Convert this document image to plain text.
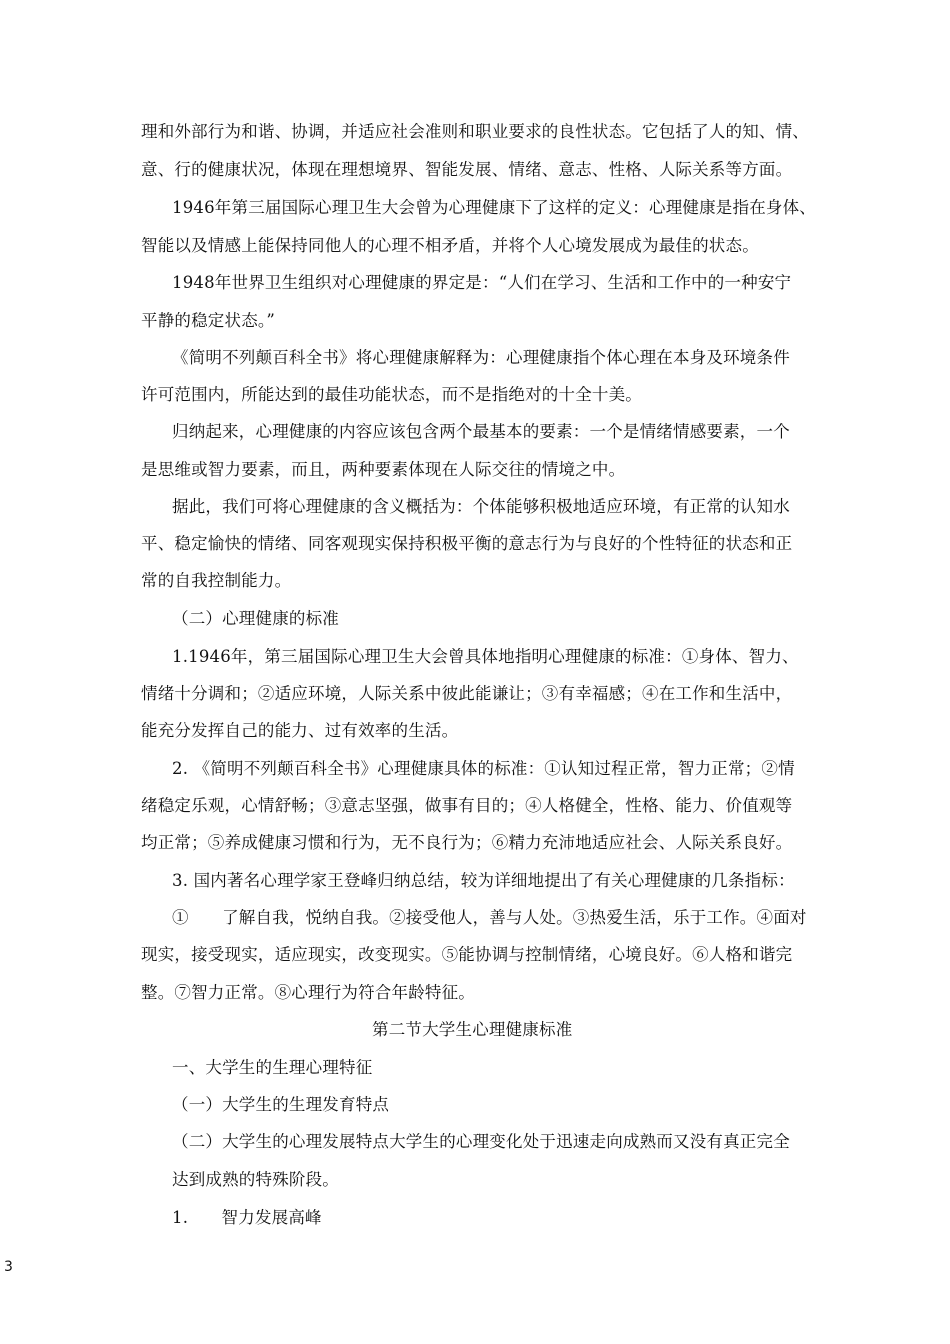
理和外部行为和谐、协调，并适应社会准则和职业要求的良性状态。它包括了人的知、情、
意、行的健康状况，体现在理想境界、智能发展、情绪、意志、性格、人际关系等方面。
1946年第三届国际心理卫生大会曾为心理健康下了这样的定义：心理健康是指在身体、
智能以及情感上能保持同他人的心理不相矛盾，并将个人心境发展成为最佳的状态。
1948年世界卫生组织对心理健康的界定是：“人们在学习、生活和工作中的一种安宁
平静的稳定状态。”
《简明不列颠百科全书》将心理健康解释为：心理健康指个体心理在本身及环境条件
许可范围内，所能达到的最佳功能状态，而不是指绝对的十全十美。
归纳起来，心理健康的内容应该包含两个最基本的要素：一个是情绪情感要素，一个
是思维或智力要素，而且，两种要素体现在人际交往的情境之中。
据此，我们可将心理健康的含义概括为：个体能够积极地适应环境，有正常的认知水
平、稳定愉快的情绪、同客观现实保持积极平衡的意志行为与良好的个性特征的状态和正
常的自我控制能力。
（二）心理健康的标准
1.1946年，第三届国际心理卫生大会曾具体地指明心理健康的标准：①身体、智力、
情绪十分调和；②适应环境，人际关系中彼此能谦让；③有幸福感；④在工作和生活中，
能充分发挥自己的能力、过有效率的生活。
2. 《简明不列颠百科全书》心理健康具体的标准：①认知过程正常，智力正常；②情
绪稳定乐观，心情舒畅；③意志坚强，做事有目的；④人格健全，性格、能力、价值观等
均正常；⑤养成健康习惯和行为，无不良行为；⑥精力充沛地适应社会、人际关系良好。
3. 国内著名心理学家王登峰归纳总结，较为详细地提出了有关心理健康的几条指标：
①　　了解自我，悦纳自我。②接受他人，善与人处。③热爱生活，乐于工作。④面对
现实，接受现实，适应现实，改变现实。⑤能协调与控制情绪，心境良好。⑥人格和谐完
整。⑦智力正常。⑧心理行为符合年龄特征。
第二节大学生心理健康标准
一、大学生的生理心理特征
（一）大学生的生理发育特点
（二）大学生的心理发展特点大学生的心理变化处于迅速走向成熟而又没有真正完全
达到成熟的特殊阶段。
1.　　智力发展高峰
3
